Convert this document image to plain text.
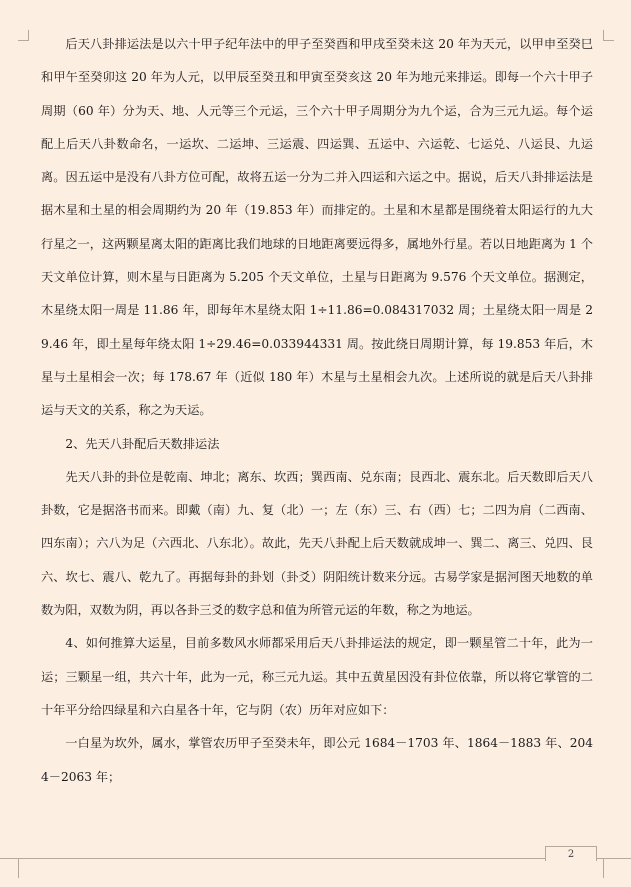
后天八卦排运法是以六十甲子纪年法中的甲子至癸酉和甲戌至癸未这 20 年为天元，以甲申至癸巳和甲午至癸卯这 20 年为人元，以甲辰至癸丑和甲寅至癸亥这 20 年为地元来排运。即每一个六十甲子周期（60 年）分为天、地、人元等三个元运，三个六十甲子周期分为九个运，合为三元九运。每个运配上后天八卦数命名，一运坎、二运坤、三运震、四运巽、五运中、六运乾、七运兑、八运艮、九运离。因五运中是没有八卦方位可配，故将五运一分为二并入四运和六运之中。据说，后天八卦排运法是据木星和土星的相会周期约为 20 年（19.853 年）而排定的。土星和木星都是围绕着太阳运行的九大行星之一，这两颗星离太阳的距离比我们地球的日地距离要远得多，属地外行星。若以日地距离为 1 个天文单位计算，则木星与日距离为 5.205 个天文单位，土星与日距离为 9.576 个天文单位。据测定，木星绕太阳一周是 11.86 年，即每年木星绕太阳 1÷11.86=0.084317032 周；土星绕太阳一周是 29.46 年，即土星每年绕太阳 1÷29.46=0.033944331 周。按此绕日周期计算，每 19.853 年后，木星与土星相会一次；每 178.67 年（近似 180 年）木星与土星相会九次。上述所说的就是后天八卦排运与天文的关系，称之为天运。

2、先天八卦配后天数排运法

先天八卦的卦位是乾南、坤北；离东、坎西；巽西南、兑东南；艮西北、震东北。后天数即后天八卦数，它是据洛书而来。即戴（南）九、复（北）一；左（东）三、右（西）七；二四为肩（二西南、四东南）；六八为足（六西北、八东北）。故此，先天八卦配上后天数就成坤一、巽二、离三、兑四、艮六、坎七、震八、乾九了。再据每卦的卦划（卦爻）阴阳统计数来分远。古易学家是据河图天地数的单数为阳，双数为阴，再以各卦三爻的数字总和值为所管元运的年数，称之为地运。

4、如何推算大运星，目前多数风水师都采用后天八卦排运法的规定，即一颗星管二十年，此为一运；三颗星一组，共六十年，此为一元，称三元九运。其中五黄星因没有卦位依靠，所以将它掌管的二十年平分给四绿星和六白星各十年，它与阴（农）历年对应如下：

一白星为坎外，属水，掌管农历甲子至癸未年，即公元 1684－1703 年、1864－1883 年、2044－2063 年；

2
